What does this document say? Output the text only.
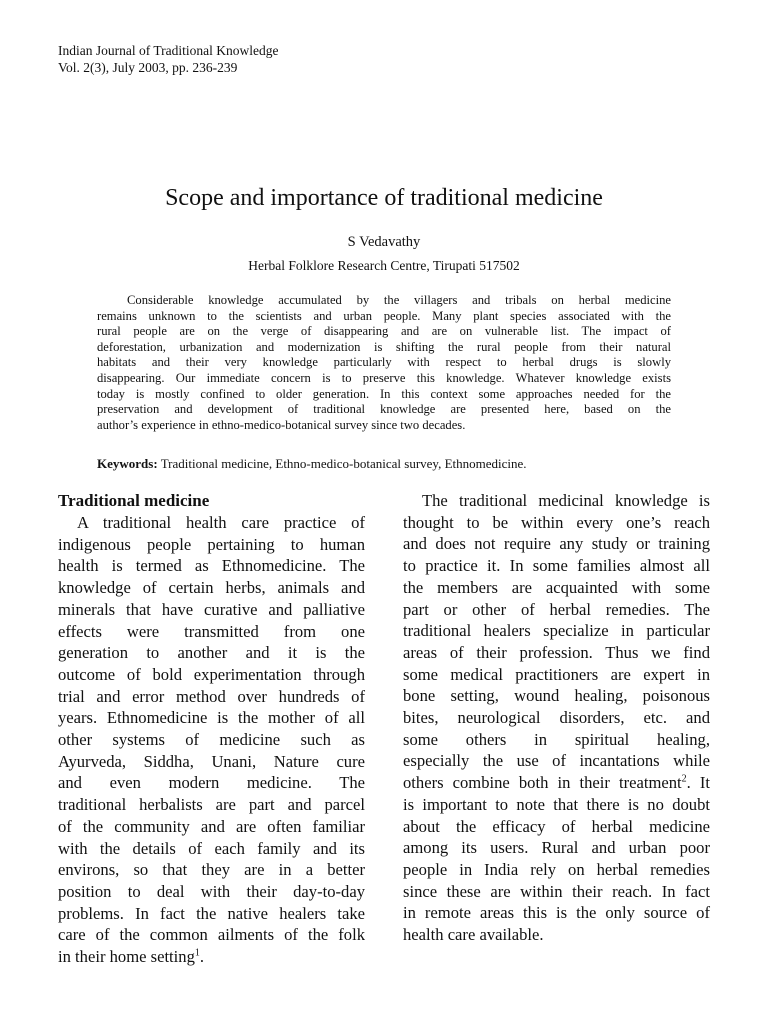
Indian Journal of Traditional Knowledge
Vol. 2(3), July 2003, pp. 236-239
Scope and importance of traditional medicine
S Vedavathy
Herbal Folklore Research Centre, Tirupati 517502
Considerable knowledge accumulated by the villagers and tribals on herbal medicine
remains unknown to the scientists and urban people. Many plant species associated with the
rural people are on the verge of disappearing and are on vulnerable list. The impact of
deforestation, urbanization and modernization is shifting the rural people from their natural
habitats and their very knowledge particularly with respect to herbal drugs is slowly
disappearing. Our immediate concern is to preserve this knowledge. Whatever knowledge exists
today is mostly confined to older generation. In this context some approaches needed for the
preservation and development of traditional knowledge are presented here, based on the
author’s experience in ethno-medico-botanical survey since two decades.
Keywords: Traditional medicine, Ethno-medico-botanical survey, Ethnomedicine.
Traditional medicine
A traditional health care practice of
indigenous people pertaining to human
health is termed as Ethnomedicine. The
knowledge of certain herbs, animals and
minerals that have curative and palliative
effects were transmitted from one
generation to another and it is the
outcome of bold experimentation through
trial and error method over hundreds of
years. Ethnomedicine is the mother of all
other systems of medicine such as
Ayurveda, Siddha, Unani, Nature cure
and even modern medicine. The
traditional herbalists are part and parcel
of the community and are often familiar
with the details of each family and its
environs, so that they are in a better
position to deal with their day-to-day
problems. In fact the native healers take
care of the common ailments of the folk
in their home setting$^1$.
The traditional medicinal knowledge is
thought to be within every one’s reach
and does not require any study or training
to practice it. In some families almost all
the members are acquainted with some
part or other of herbal remedies. The
traditional healers specialize in particular
areas of their profession. Thus we find
some medical practitioners are expert in
bone setting, wound healing, poisonous
bites, neurological disorders, etc. and
some others in spiritual healing,
especially the use of incantations while
others combine both in their treatment$^2$. It
is important to note that there is no doubt
about the efficacy of herbal medicine
among its users. Rural and urban poor
people in India rely on herbal remedies
since these are within their reach. In fact
in remote areas this is the only source of
health care available.
